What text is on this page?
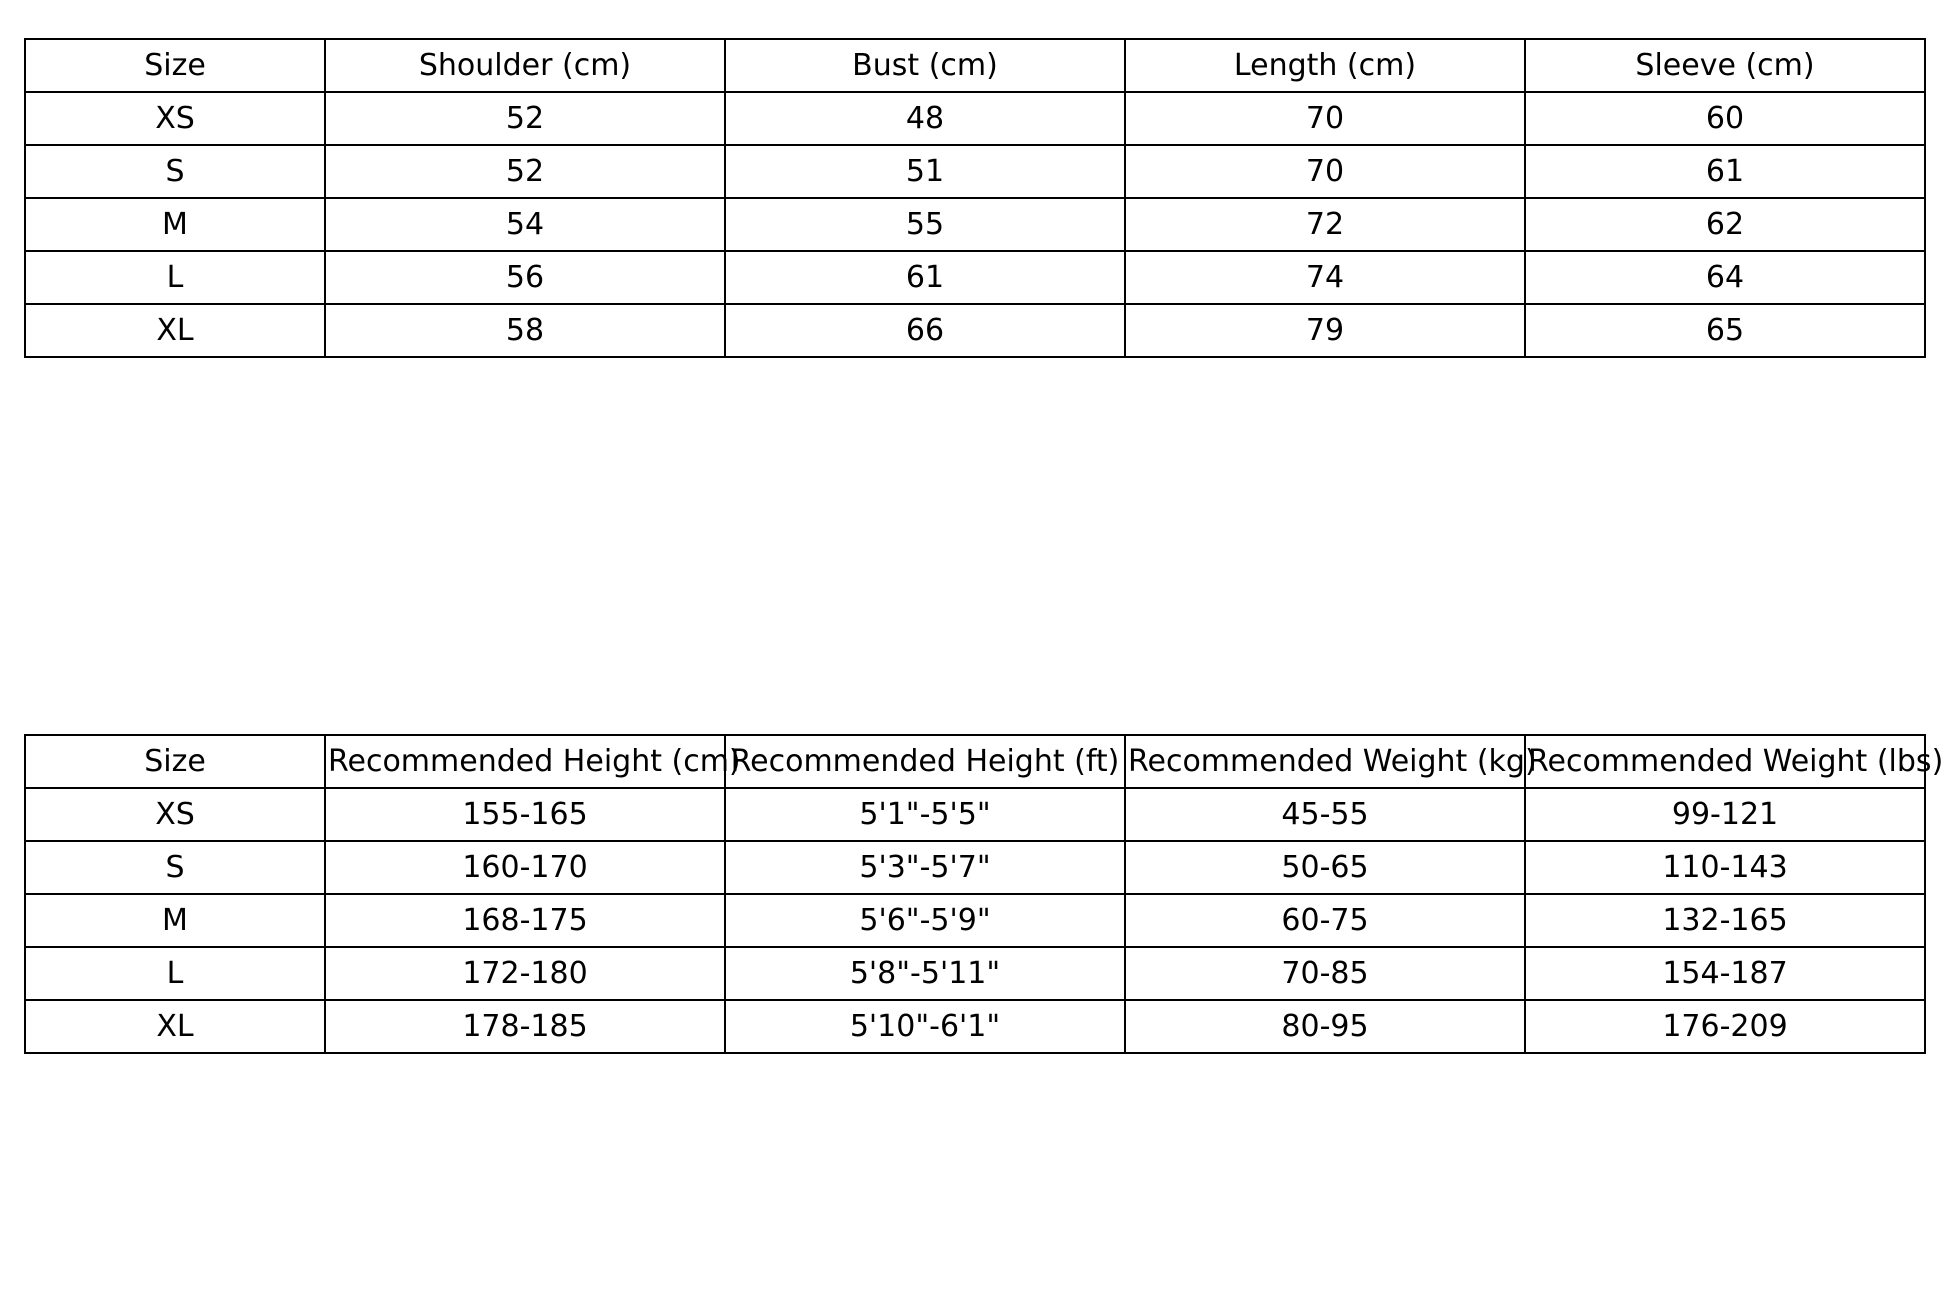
Size	Shoulder (cm)	Bust (cm)	Length (cm)	Sleeve (cm)
XS	52	48	70	60
S	52	51	70	61
M	54	55	72	62
L	56	61	74	64
XL	58	66	79	65
Size	Recommended Height (cm)	Recommended Height (ft)	Recommended Weight (kg)	Recommended Weight (lbs)

XS	155-165	5'1"-5'5"	45-55	99-121
S	160-170	5'3"-5'7"	50-65	110-143
M	168-175	5'6"-5'9"	60-75	132-165
L	172-180	5'8"-5'11"	70-85	154-187
XL	178-185	5'10"-6'1"	80-95	176-209
